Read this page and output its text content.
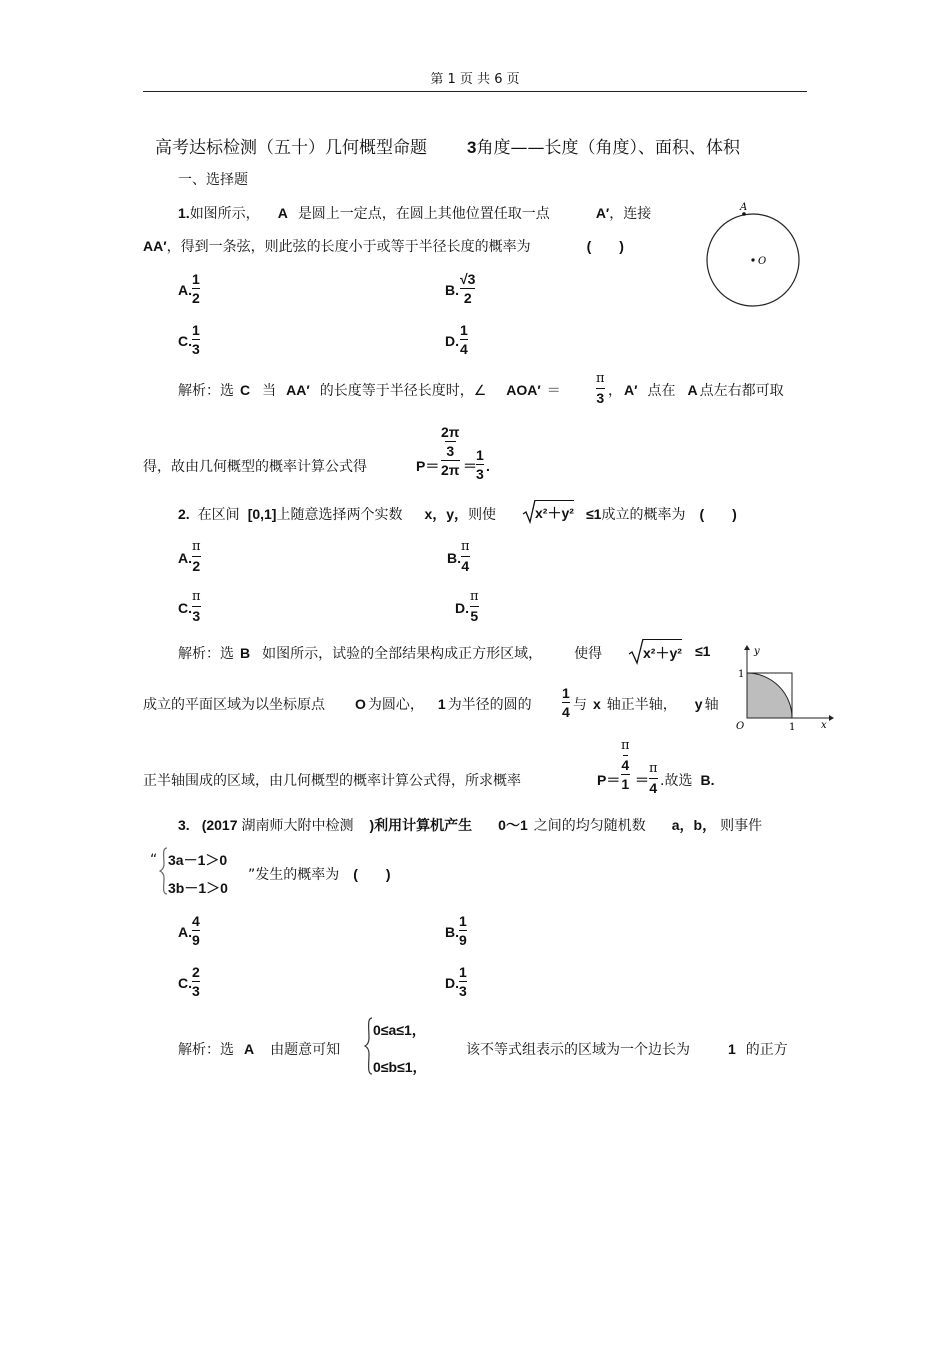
第 1 页 共 6 页
高考达标检测（五十）几何概型命题 3角度——长度（角度）、面积、体积
一、选择题
1.如图所示， A 是圆上一定点，在圆上其他位置任取一点	A′，连接
AA′，得到一条弦，则此弦的长度小于或等于半径长度的概率为	(　　)
A
O
A.
1
2	B.
√3
2
C.
1
3	D.
1
4
解析：选 C 当 AA′ 的长度等于半径长度时，∠ AOA′ ＝
π
3 ， A′ 点在 A 点左右都可取
得，故由几何概型的概率计算公式得	P＝
2π
3
2π ＝
1
3 .
2. 在区间 [0,1]上随意选择两个实数 x，y，则使	x²＋y² ≤1成立的概率为 (　　)
A.
π
2	B.
π
4
C.
π
3	D.
π
5
解析：选 B 如图所示，试验的全部结果构成正方形区域， 使得	x²＋y² ≤1
成立的平面区域为以坐标原点 O 为圆心， 1 为半径的圆的
1
4 与 x 轴正半轴， y 轴
y
x
O
1
1
正半轴围成的区域，由几何概型的概率计算公式得，所求概率	P＝
π
4
1 ＝
π
4 .故选 B.
3. (2017 湖南师大附中检测 )利用计算机产生 0～1 之间的均匀随机数 a，b， 则事件
“ 3a－1＞0
3b－1＞0
”发生的概率为 (　　)
A.
4
9	B.
1
9
C.
2
3	D.
1
3
解析：选 A 由题意可知
0≤a≤1，
0≤b≤1，
该不等式组表示的区域为一个边长为	1 的正方
